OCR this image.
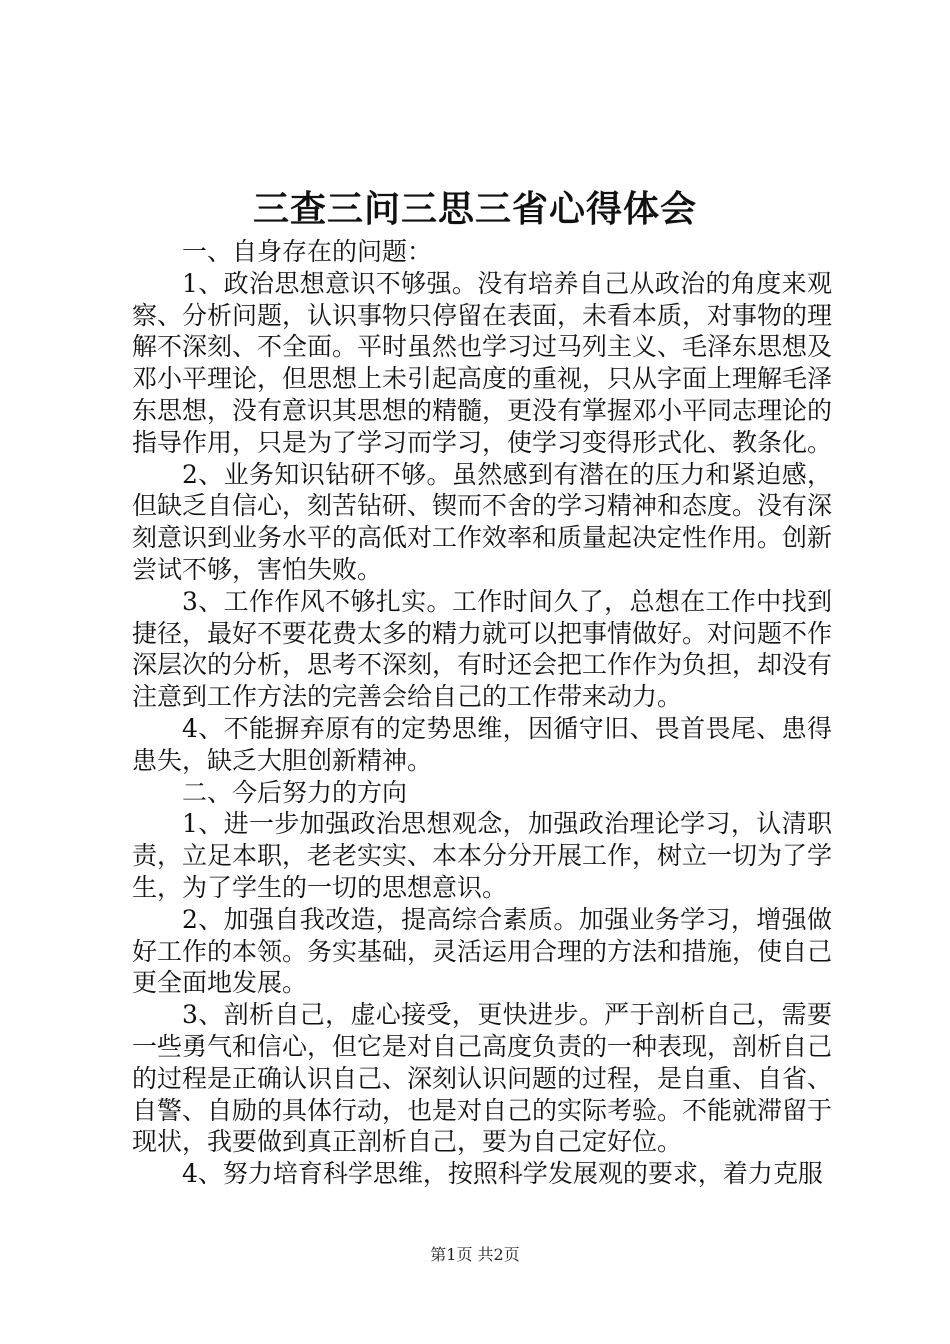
三查三问三思三省心得体会

一、自身存在的问题：

1、政治思想意识不够强。没有培养自己从政治的角度来观察、分析问题，认识事物只停留在表面，未看本质，对事物的理解不深刻、不全面。平时虽然也学习过马列主义、毛泽东思想及邓小平理论，但思想上未引起高度的重视，只从字面上理解毛泽东思想，没有意识其思想的精髓，更没有掌握邓小平同志理论的指导作用，只是为了学习而学习，使学习变得形式化、教条化。

2、业务知识钻研不够。虽然感到有潜在的压力和紧迫感，但缺乏自信心，刻苦钻研、锲而不舍的学习精神和态度。没有深刻意识到业务水平的高低对工作效率和质量起决定性作用。创新尝试不够，害怕失败。

3、工作作风不够扎实。工作时间久了，总想在工作中找到捷径，最好不要花费太多的精力就可以把事情做好。对问题不作深层次的分析，思考不深刻，有时还会把工作作为负担，却没有注意到工作方法的完善会给自己的工作带来动力。

4、不能摒弃原有的定势思维，因循守旧、畏首畏尾、患得患失，缺乏大胆创新精神。

二、今后努力的方向

1、进一步加强政治思想观念，加强政治理论学习，认清职责，立足本职，老老实实、本本分分开展工作，树立一切为了学生，为了学生的一切的思想意识。

2、加强自我改造，提高综合素质。加强业务学习，增强做好工作的本领。务实基础，灵活运用合理的方法和措施，使自己更全面地发展。

3、剖析自己，虚心接受，更快进步。严于剖析自己，需要一些勇气和信心，但它是对自己高度负责的一种表现，剖析自己的过程是正确认识自己、深刻认识问题的过程，是自重、自省、自警、自励的具体行动，也是对自己的实际考验。不能就滞留于现状，我要做到真正剖析自己，要为自己定好位。

4、努力培育科学思维，按照科学发展观的要求，着力克服

第1页 共2页
